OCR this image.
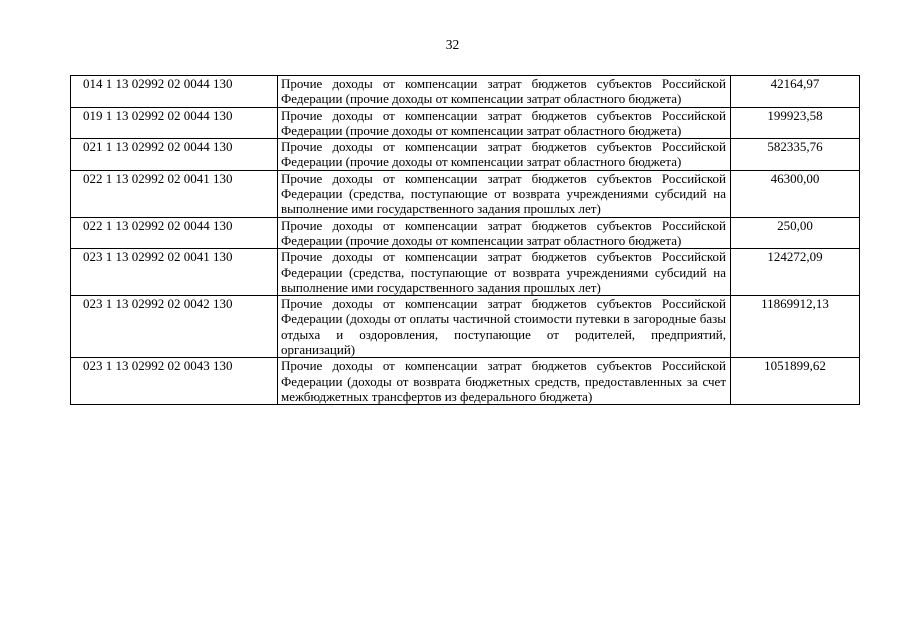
32
014 1 13 02992 02 0044 130	Прочие доходы от компенсации затрат бюджетов субъектов Российской Федерации (прочие доходы от компенсации затрат областного бюджета)	42164,97
019 1 13 02992 02 0044 130	Прочие доходы от компенсации затрат бюджетов субъектов Российской Федерации (прочие доходы от компенсации затрат областного бюджета)	199923,58
021 1 13 02992 02 0044 130	Прочие доходы от компенсации затрат бюджетов субъектов Российской Федерации (прочие доходы от компенсации затрат областного бюджета)	582335,76
022 1 13 02992 02 0041 130	Прочие доходы от компенсации затрат бюджетов субъектов Российской Федерации (средства, поступающие от возврата учреждениями субсидий на выполнение ими государственного задания прошлых лет)	46300,00
022 1 13 02992 02 0044 130	Прочие доходы от компенсации затрат бюджетов субъектов Российской Федерации (прочие доходы от компенсации затрат областного бюджета)	250,00
023 1 13 02992 02 0041 130	Прочие доходы от компенсации затрат бюджетов субъектов Российской Федерации (средства, поступающие от возврата учреждениями субсидий на выполнение ими государственного задания прошлых лет)	124272,09
023 1 13 02992 02 0042 130	Прочие доходы от компенсации затрат бюджетов субъектов Российской Федерации (доходы от оплаты частичной стоимости путевки в загородные базы отдыха и оздоровления, поступающие от родителей, предприятий, организаций)	11869912,13
023 1 13 02992 02 0043 130	Прочие доходы от компенсации затрат бюджетов субъектов Российской Федерации (доходы от возврата бюджетных средств, предоставленных за счет межбюджетных трансфертов из федерального бюджета)	1051899,62
